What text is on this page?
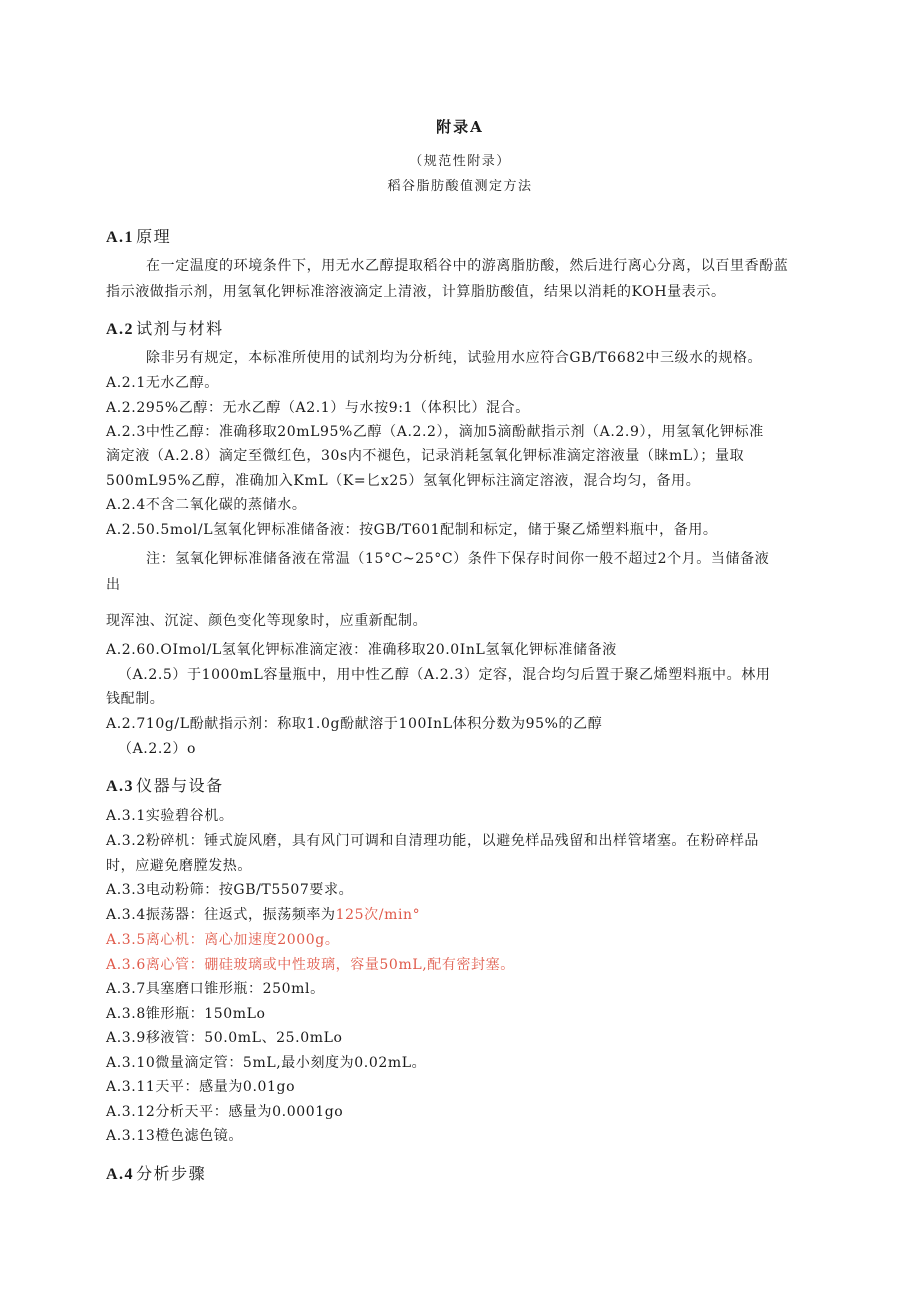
附录A
（规范性附录）
稻谷脂肪酸值测定方法
A.1 原理
在一定温度的环境条件下，用无水乙醇提取稻谷中的游离脂肪酸，然后进行离心分离，以百里香酚蓝
指示液做指示剂，用氢氧化钾标准溶液滴定上清液，计算脂肪酸值，结果以消耗的KOH量表示。
A.2 试剂与材料
除非另有规定，本标准所使用的试剂均为分析纯，试验用水应符合GB/T6682中三级水的规格。
A.2.1无水乙醇。
A.2.295%乙醇：无水乙醇（A2.1）与水按9:1（体积比）混合。
A.2.3中性乙醇：准确移取20mL95%乙醇（A.2.2），滴加5滴酚献指示剂（A.2.9），用氢氧化钾标准
滴定液（A.2.8）滴定至微红色，30s内不褪色，记录消耗氢氧化钾标准滴定溶液量（睐mL）；量取
500mL95%乙醇，准确加入KmL（K=匕x25）氢氧化钾标注滴定溶液，混合均匀，备用。
A.2.4不含二氧化碳的蒸储水。
A.2.50.5mol/L氢氧化钾标准储备液：按GB/T601配制和标定，储于聚乙烯塑料瓶中，备用。
注：氢氧化钾标准储备液在常温（15°C~25°C）条件下保存时间你一般不超过2个月。当储备液
出
现浑浊、沉淀、颜色变化等现象时，应重新配制。
A.2.60.OImol/L氢氧化钾标准滴定液：准确移取20.0InL氢氧化钾标准储备液
（A.2.5）于1000mL容量瓶中，用中性乙醇（A.2.3）定容，混合均匀后置于聚乙烯塑料瓶中。林用
钱配制。
A.2.710g/L酚献指示剂：称取1.0g酚献溶于100InL体积分数为95%的乙醇
（A.2.2）o
A.3 仪器与设备
A.3.1实验碧谷机。
A.3.2粉碎机：锤式旋风磨，具有风门可调和自清理功能，以避免样品残留和出样管堵塞。在粉碎样品
时，应避免磨膛发热。
A.3.3电动粉筛：按GB/T5507要求。
A.3.4振荡器：往返式，振荡频率为125次/min°
A.3.5离心机：离心加速度2000g。
A.3.6离心管：硼硅玻璃或中性玻璃，容量50mL,配有密封塞。
A.3.7具塞磨口锥形瓶：250ml。
A.3.8锥形瓶：150mLo
A.3.9移液管：50.0mL、25.0mLo
A.3.10微量滴定管：5mL,最小刻度为0.02mL。
A.3.11天平：感量为0.01go
A.3.12分析天平：感量为0.0001go
A.3.13橙色滤色镜。
A.4 分析步骤
